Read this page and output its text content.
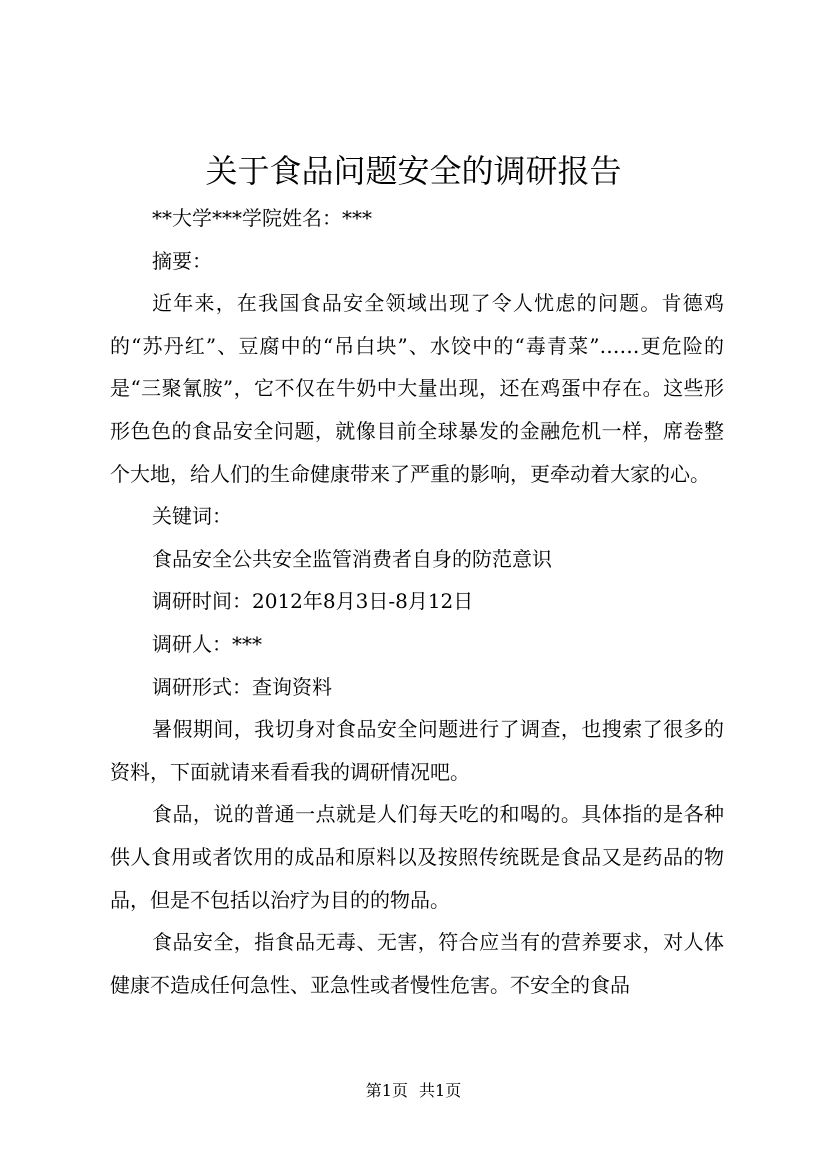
关于食品问题安全的调研报告

**大学***学院姓名：***

摘要：

近年来，在我国食品安全领域出现了令人忧虑的问题。肯德鸡的“苏丹红”、豆腐中的“吊白块”、水饺中的“毒青菜”……更危险的是“三聚氰胺”，它不仅在牛奶中大量出现，还在鸡蛋中存在。这些形形色色的食品安全问题，就像目前全球暴发的金融危机一样，席卷整个大地，给人们的生命健康带来了严重的影响，更牵动着大家的心。

关键词：

食品安全公共安全监管消费者自身的防范意识

调研时间：2012年8月3日-8月12日

调研人：***

调研形式：查询资料

暑假期间，我切身对食品安全问题进行了调查，也搜索了很多的资料，下面就请来看看我的调研情况吧。

食品，说的普通一点就是人们每天吃的和喝的。具体指的是各种供人食用或者饮用的成品和原料以及按照传统既是食品又是药品的物品，但是不包括以治疗为目的的物品。

食品安全，指食品无毒、无害，符合应当有的营养要求，对人体健康不造成任何急性、亚急性或者慢性危害。不安全的食品

第1页 共1页
